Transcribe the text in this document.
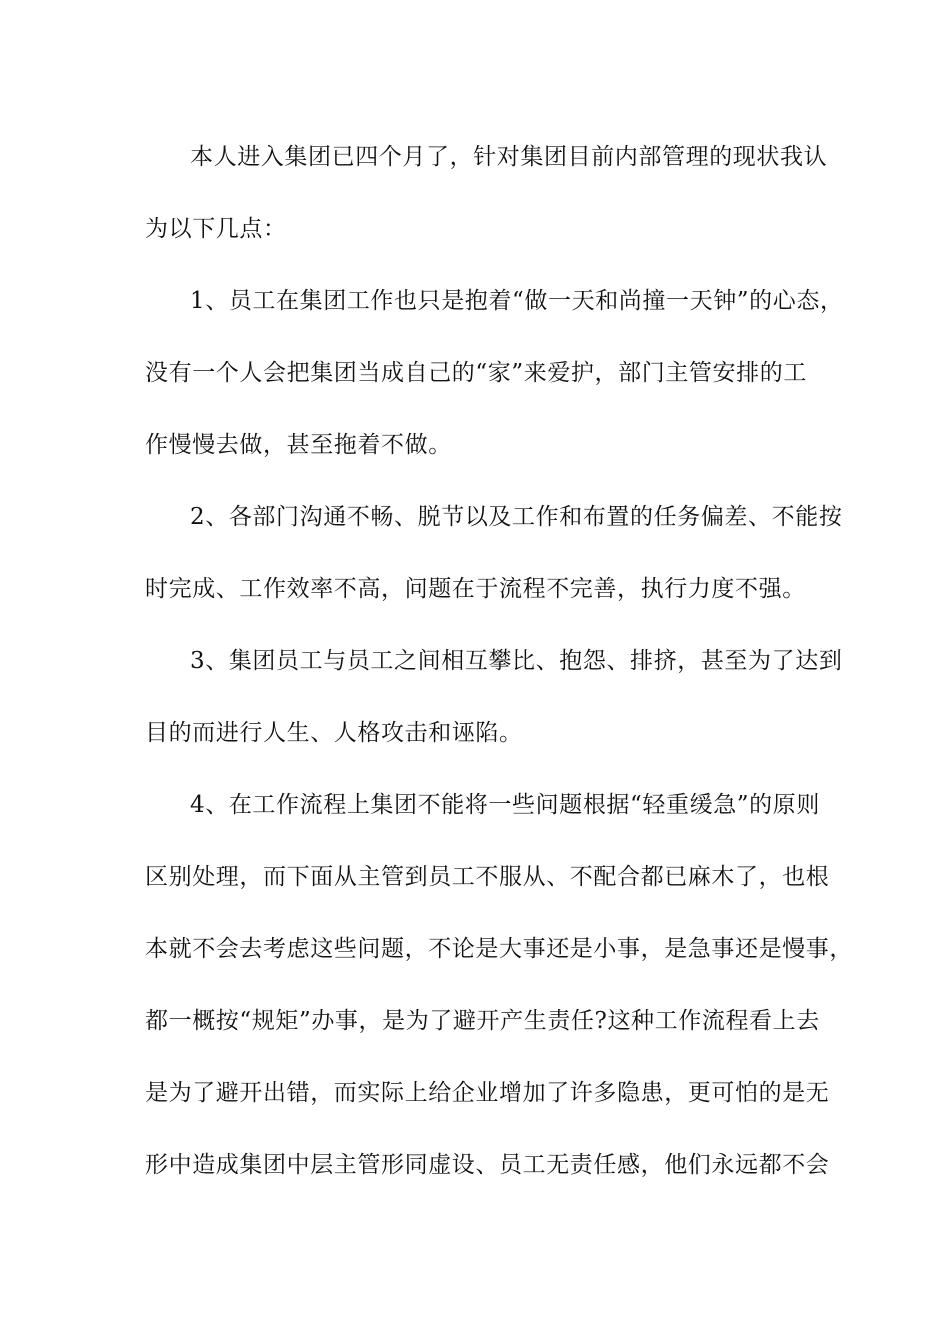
本人进入集团已四个月了，针对集团目前内部管理的现状我认
为以下几点：
1、员工在集团工作也只是抱着“做一天和尚撞一天钟”的心态，
没有一个人会把集团当成自己的“家”来爱护，部门主管安排的工
作慢慢去做，甚至拖着不做。
2、各部门沟通不畅、脱节以及工作和布置的任务偏差、不能按
时完成、工作效率不高，问题在于流程不完善，执行力度不强。
3、集团员工与员工之间相互攀比、抱怨、排挤，甚至为了达到
目的而进行人生、人格攻击和诬陷。
4、在工作流程上集团不能将一些问题根据“轻重缓急”的原则
区别处理，而下面从主管到员工不服从、不配合都已麻木了，也根
本就不会去考虑这些问题，不论是大事还是小事，是急事还是慢事，
都一概按“规矩”办事，是为了避开产生责任?这种工作流程看上去
是为了避开出错，而实际上给企业增加了许多隐患，更可怕的是无
形中造成集团中层主管形同虚设、员工无责任感，他们永远都不会
